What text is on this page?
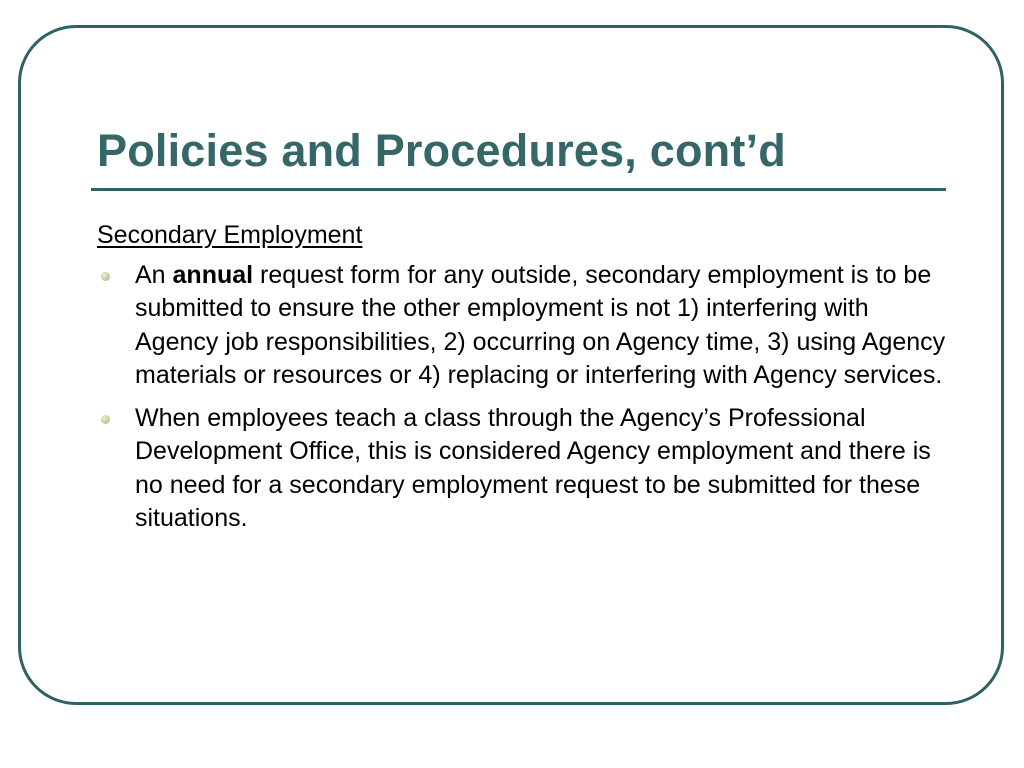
Policies and Procedures, cont’d

Secondary Employment

An annual request form for any outside, secondary employment is to be submitted to ensure the other employment is not 1) interfering with Agency job responsibilities, 2) occurring on Agency time, 3) using Agency materials or resources or 4) replacing or interfering with Agency services.
When employees teach a class through the Agency’s Professional Development Office, this is considered Agency employment and there is no need for a secondary employment request to be submitted for these situations.
